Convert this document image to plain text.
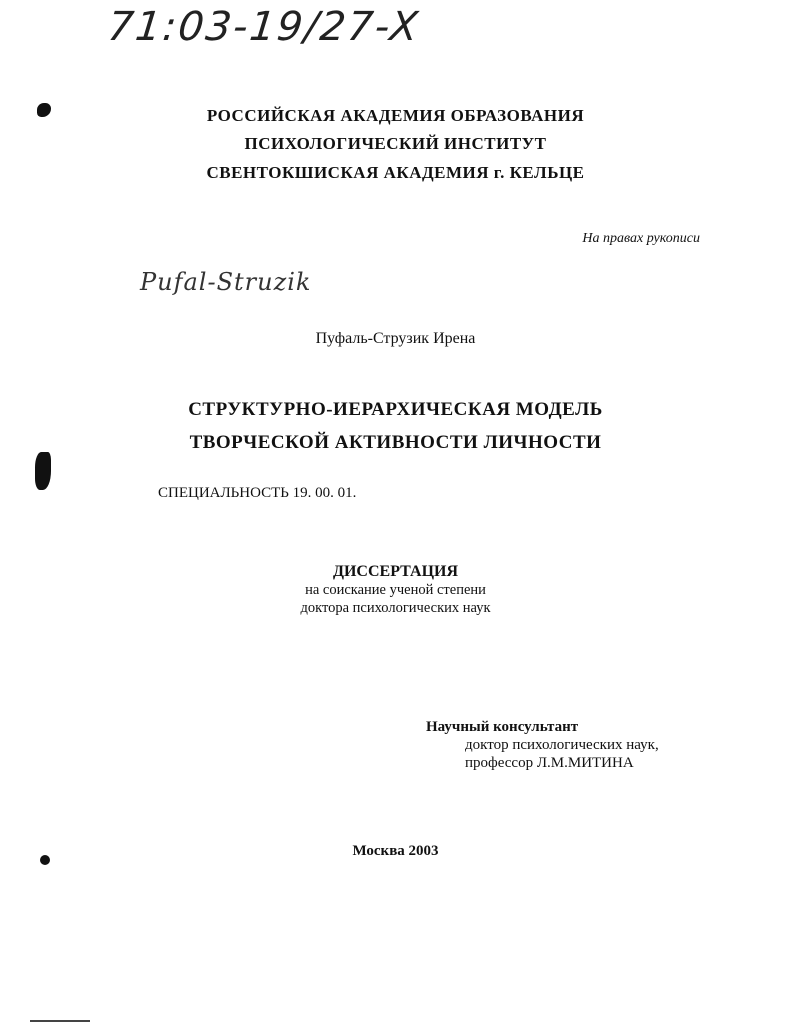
71:03-19/27-X
РОССИЙСКАЯ АКАДЕМИЯ ОБРАЗОВАНИЯ
ПСИХОЛОГИЧЕСКИЙ ИНСТИТУТ
СВЕНТОКШИСКАЯ АКАДЕМИЯ г. КЕЛЬЦЕ
На правах рукописи
Pufal-Struzik
Пуфаль-Струзик Ирена
СТРУКТУРНО-ИЕРАРХИЧЕСКАЯ МОДЕЛЬ
ТВОРЧЕСКОЙ АКТИВНОСТИ ЛИЧНОСТИ
СПЕЦИАЛЬНОСТЬ 19. 00. 01.
ДИССЕРТАЦИЯ
на соискание ученой степени
доктора психологических наук
Научный консультант
доктор психологических наук,
профессор Л.М.МИТИНА
Москва 2003
